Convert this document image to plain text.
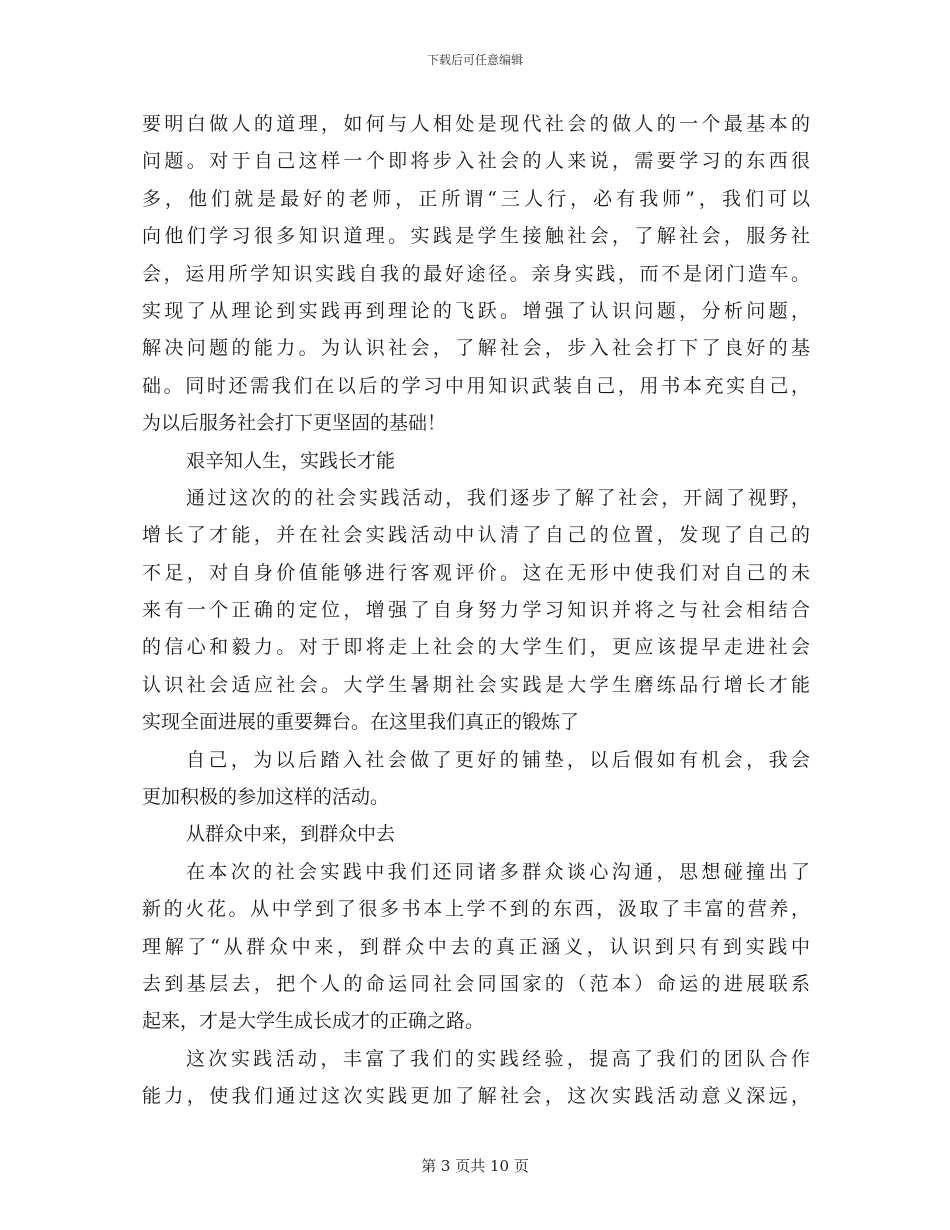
下载后可任意编辑
要明白做人的道理，如何与人相处是现代社会的做人的一个最基本的
问题。对于自己这样一个即将步入社会的人来说，需要学习的东西很
多，他们就是最好的老师，正所谓“三人行，必有我师”，我们可以
向他们学习很多知识道理。实践是学生接触社会，了解社会，服务社
会，运用所学知识实践自我的最好途径。亲身实践，而不是闭门造车。
实现了从理论到实践再到理论的飞跃。增强了认识问题，分析问题，
解决问题的能力。为认识社会，了解社会，步入社会打下了良好的基
础。同时还需我们在以后的学习中用知识武装自己，用书本充实自己，
为以后服务社会打下更坚固的基础！
艰辛知人生，实践长才能
通过这次的的社会实践活动，我们逐步了解了社会，开阔了视野，
增长了才能，并在社会实践活动中认清了自己的位置，发现了自己的
不足，对自身价值能够进行客观评价。这在无形中使我们对自己的未
来有一个正确的定位，增强了自身努力学习知识并将之与社会相结合
的信心和毅力。对于即将走上社会的大学生们，更应该提早走进社会
认识社会适应社会。大学生暑期社会实践是大学生磨练品行增长才能
实现全面进展的重要舞台。在这里我们真正的锻炼了
自己，为以后踏入社会做了更好的铺垫，以后假如有机会，我会
更加积极的参加这样的活动。
从群众中来，到群众中去
在本次的社会实践中我们还同诸多群众谈心沟通，思想碰撞出了
新的火花。从中学到了很多书本上学不到的东西，汲取了丰富的营养，
理解了“从群众中来，到群众中去的真正涵义，认识到只有到实践中
去到基层去，把个人的命运同社会同国家的（范本）命运的进展联系
起来，才是大学生成长成才的正确之路。
这次实践活动，丰富了我们的实践经验，提高了我们的团队合作
能力，使我们通过这次实践更加了解社会，这次实践活动意义深远，
第 3 页共 10 页
